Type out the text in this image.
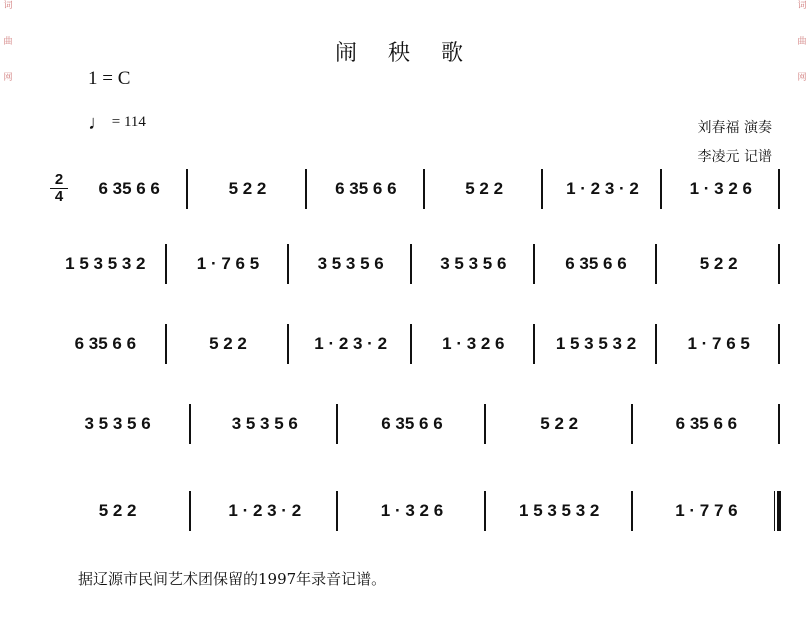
词
曲
网
词
曲
网
闹 秧 歌
1 = C
♩ = 114	刘春福 演奏
李凌元 记谱
2
4	6 35 6 6	5 2 2	6 35 6 6	5 2 2	1 · 2 3 · 2	1 · 3 2 6
1 5 3 5 3 2	1 · 7 6 5	3 5 3 5 6	3 5 3 5 6	6 35 6 6	5 2 2
6 35 6 6	5 2 2	1 · 2 3 · 2	1 · 3 2 6	1 5 3 5 3 2	1 · 7 6 5
3 5 3 5 6	3 5 3 5 6	6 35 6 6	5 2 2	6 35 6 6
5 2 2	1 · 2 3 · 2	1 · 3 2 6	1 5 3 5 3 2	1 · 7 7 6
据辽源市民间艺术团保留的1997年录音记谱。
